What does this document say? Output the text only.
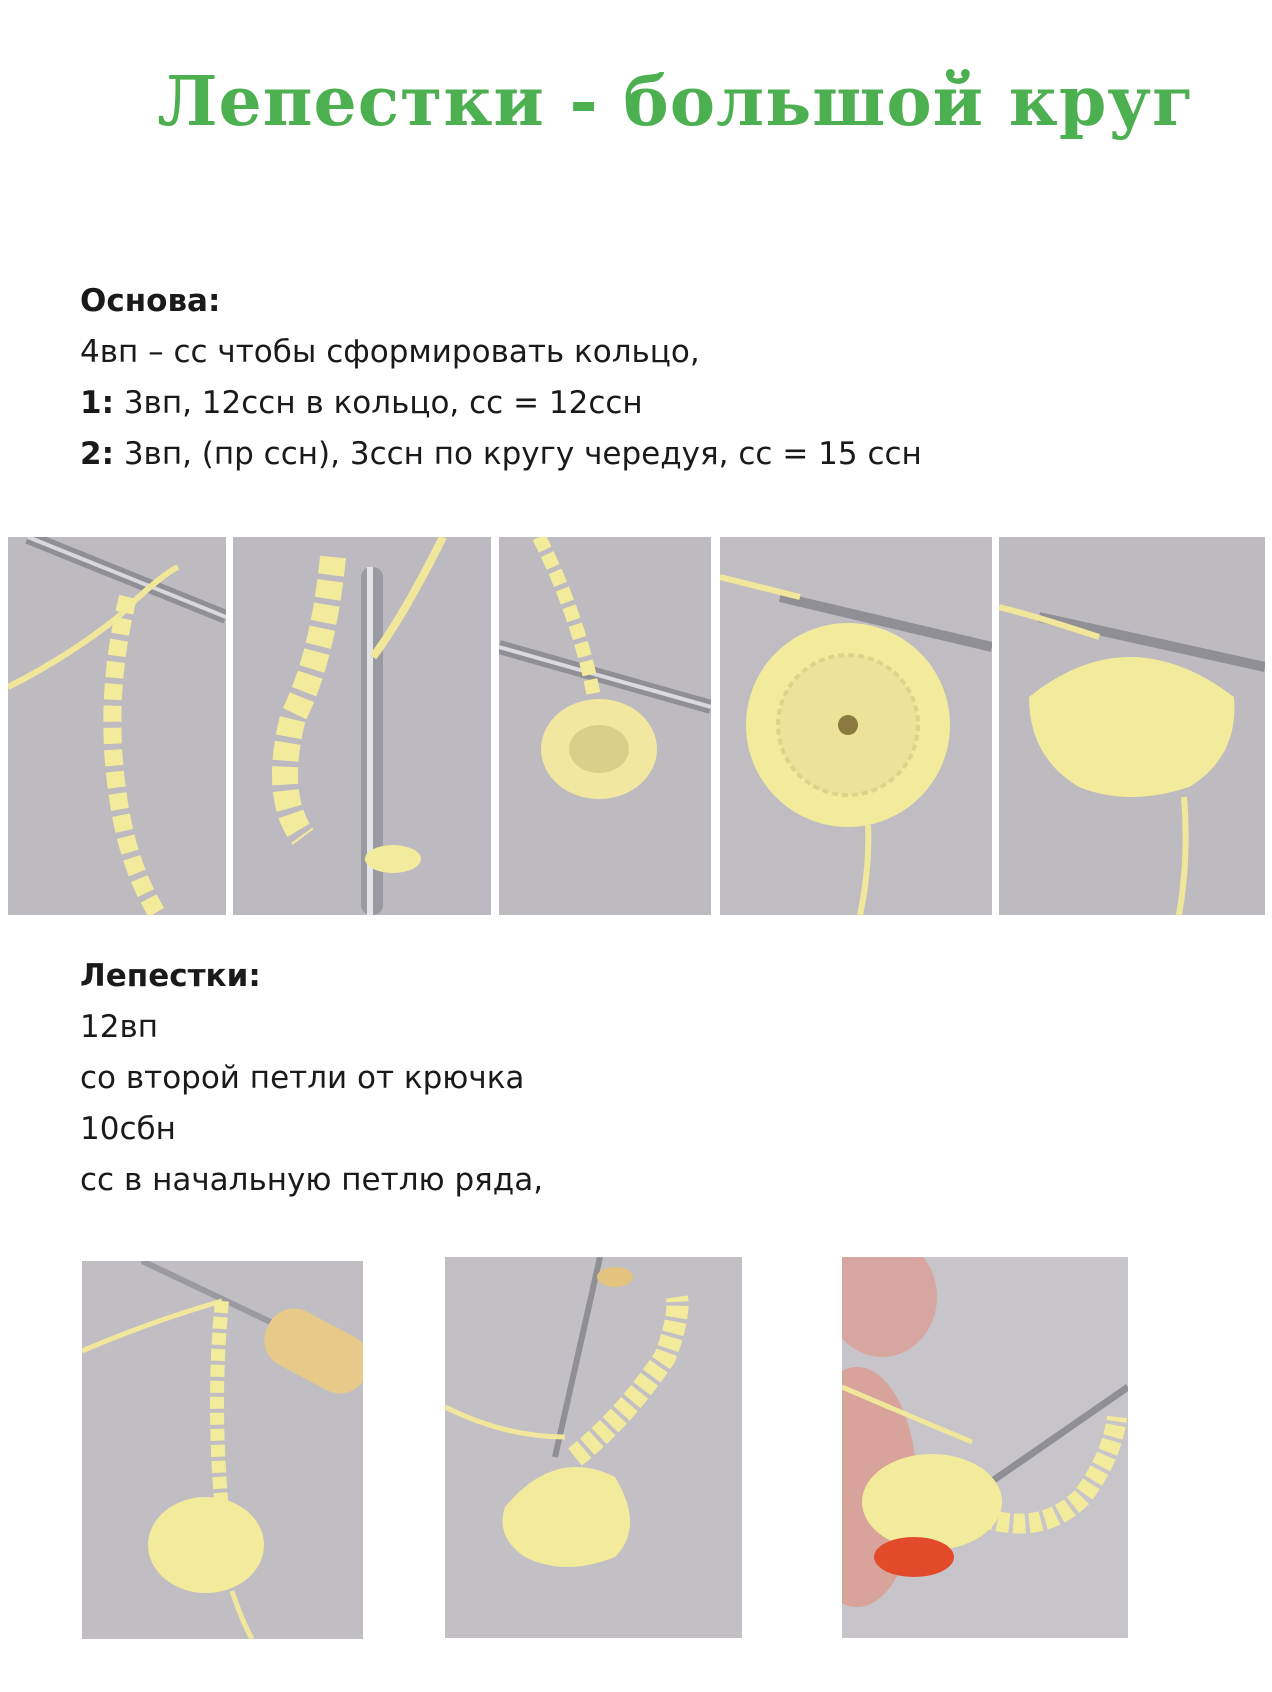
Лепестки - большой круг
Основа:
4вп – сс чтобы сформировать кольцо,
1: 3вп, 12ссн в кольцо, сс = 12ссн
2: 3вп, (пр ссн), 3ссн по кругу чередуя, сс = 15 ссн
Лепестки:
12вп
со второй петли от крючка
10сбн
сс в начальную петлю ряда,
